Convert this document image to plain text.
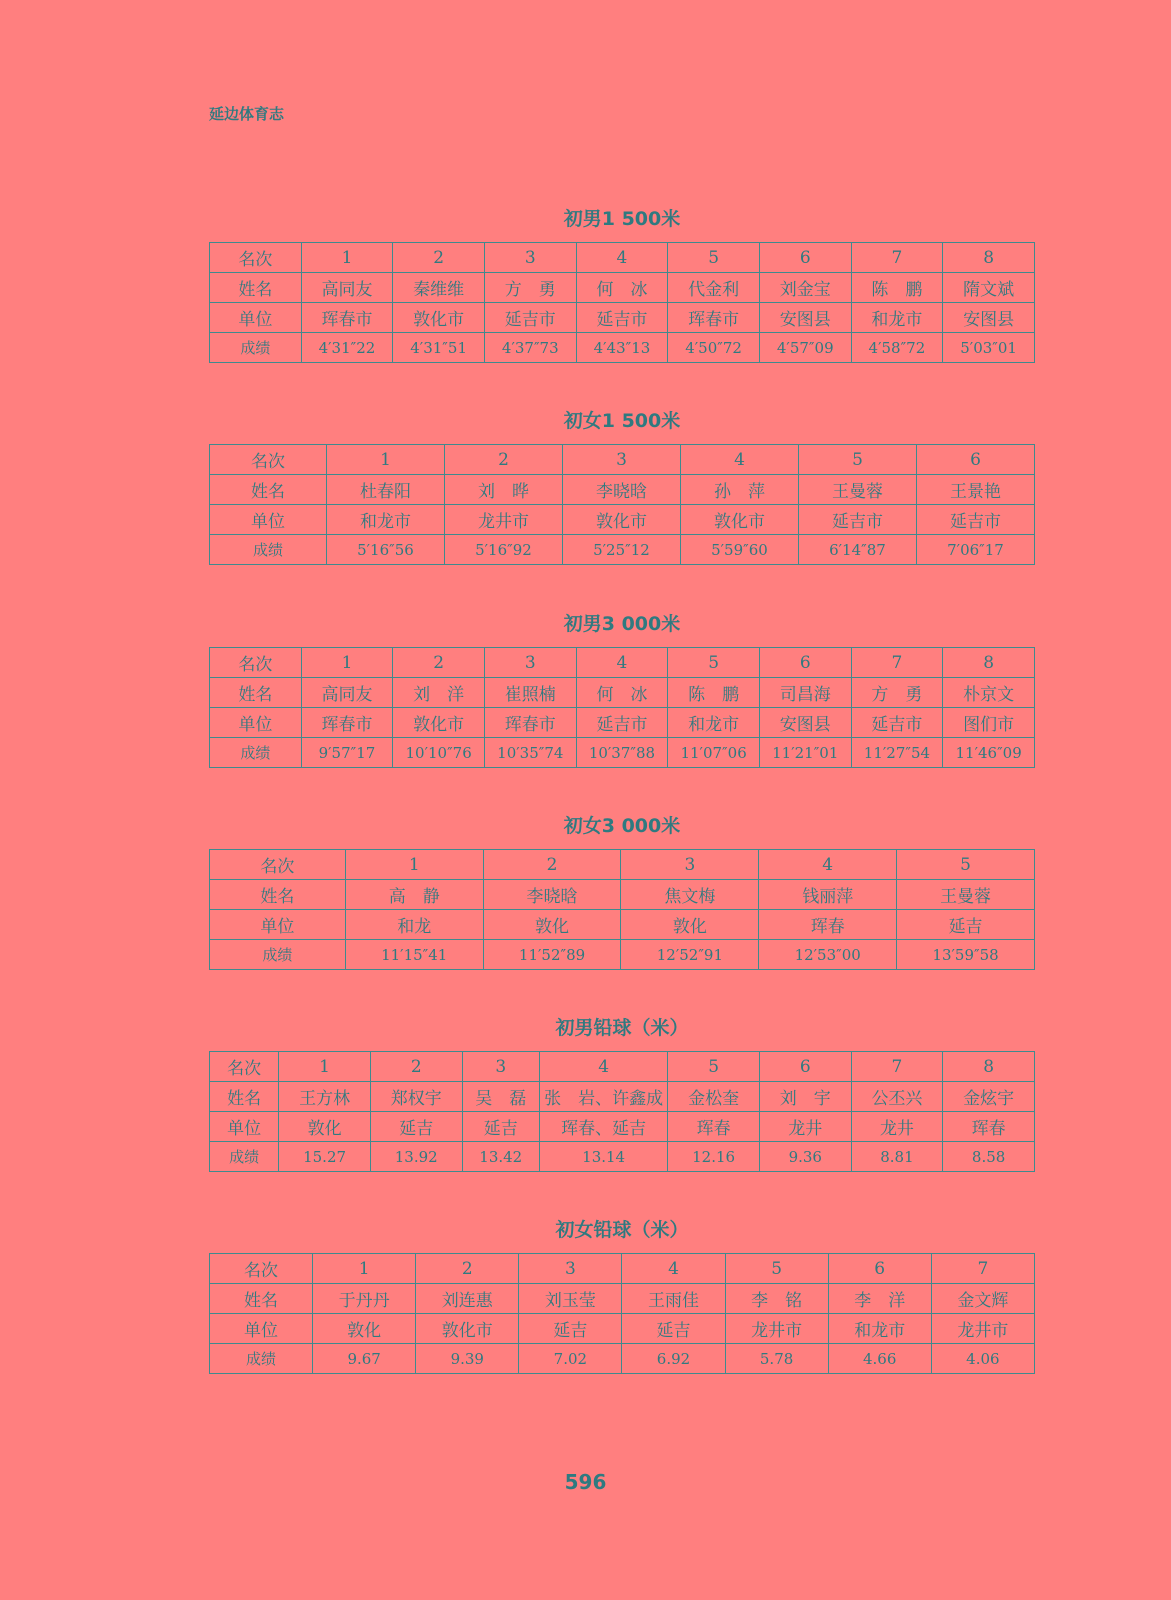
延边体育志
初男1 500米
名次	1	2	3	4	5	6	7	8
姓名	高同友	秦维维	方　勇	何　冰	代金利	刘金宝	陈　鹏	隋文斌
单位	珲春市	敦化市	延吉市	延吉市	珲春市	安图县	和龙市	安图县
成绩	4′31″22	4′31″51	4′37″73	4′43″13	4′50″72	4′57″09	4′58″72	5′03″01
初女1 500米
名次	1	2	3	4	5	6
姓名	杜春阳	刘　晔	李晓晗	孙　萍	王曼蓉	王景艳
单位	和龙市	龙井市	敦化市	敦化市	延吉市	延吉市
成绩	5′16″56	5′16″92	5′25″12	5′59″60	6′14″87	7′06″17
初男3 000米
名次	1	2	3	4	5	6	7	8
姓名	高同友	刘　洋	崔照楠	何　冰	陈　鹏	司昌海	方　勇	朴京文
单位	珲春市	敦化市	珲春市	延吉市	和龙市	安图县	延吉市	图们市
成绩	9′57″17	10′10″76	10′35″74	10′37″88	11′07″06	11′21″01	11′27″54	11′46″09
初女3 000米
名次	1	2	3	4	5
姓名	高　静	李晓晗	焦文梅	钱丽萍	王曼蓉
单位	和龙	敦化	敦化	珲春	延吉
成绩	11′15″41	11′52″89	12′52″91	12′53″00	13′59″58
初男铅球（米）
名次	1	2	3	4	5	6	7	8
姓名	王方林	郑权宇	吴　磊	张　岩、许鑫成	金松奎	刘　宇	公丕兴	金炫宇
单位	敦化	延吉	延吉	珲春、延吉	珲春	龙井	龙井	珲春
成绩	15.27	13.92	13.42	13.14	12.16	9.36	8.81	8.58
初女铅球（米）
名次	1	2	3	4	5	6	7
姓名	于丹丹	刘连惠	刘玉莹	王雨佳	李　铭	李　洋	金文辉
单位	敦化	敦化市	延吉	延吉	龙井市	和龙市	龙井市
成绩	9.67	9.39	7.02	6.92	5.78	4.66	4.06
596
